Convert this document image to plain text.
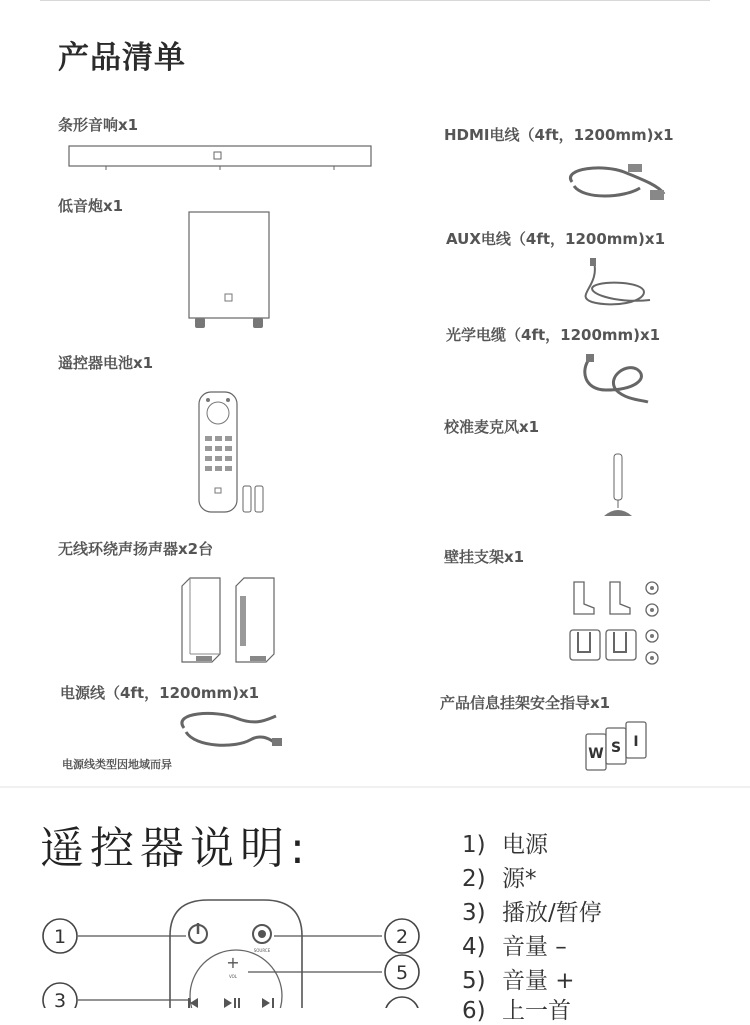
产品清单
条形音响x1
低音炮x1
遥控器电池x1
无线环绕声扬声器x2台
电源线（4ft，1200mm)x1
电源线类型因地域而异
HDMI电线（4ft，1200mm)x1
AUX电线（4ft，1200mm)x1
光学电缆（4ft，1200mm)x1
校准麦克风x1
壁挂支架x1
产品信息挂架安全指导x1
W S I
遥控器说明:
SOURCE
+
VOL
1	2
5
3
1) 电源
2) 源*
3) 播放/暂停
4) 音量 –
5) 音量 +
6) 上一首
